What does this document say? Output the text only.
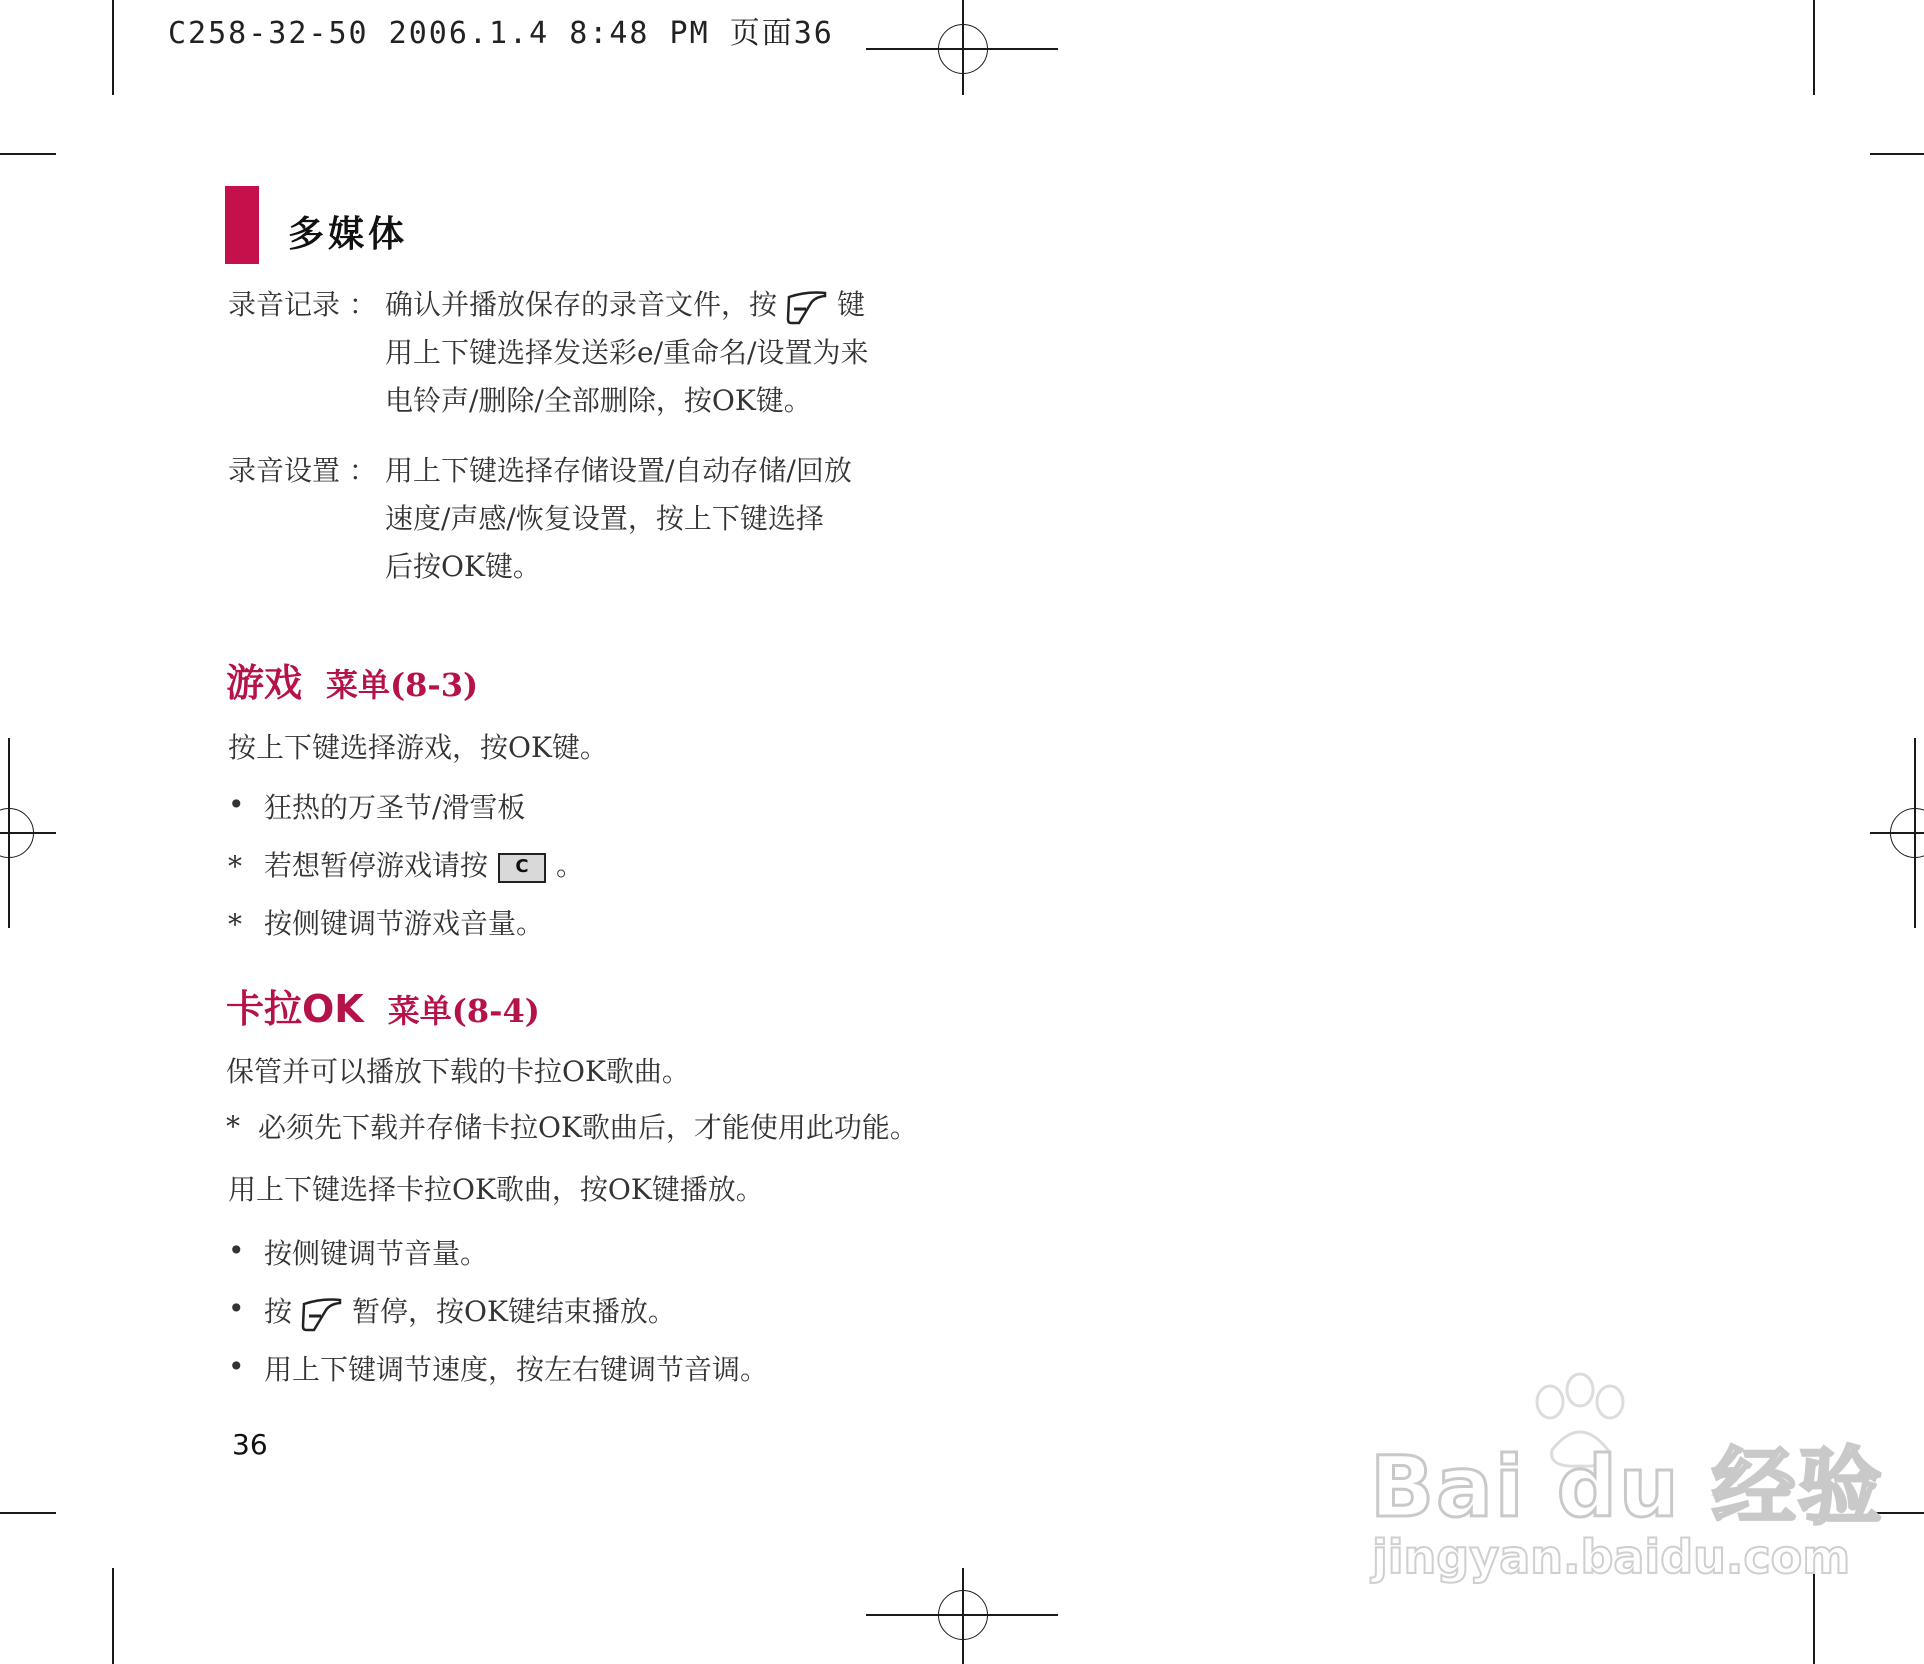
C258-32-50 2006.1.4 8:48 PM 页面36
多媒体
录音记录 ： 确认并播放保存的录音文件，按 键
用上下键选择发送彩e/重命名/设置为来
电铃声/删除/全部删除，按OK键。
录音设置 ： 用上下键选择存储设置/自动存储/回放
速度/声感/恢复设置，按上下键选择
后按OK键。
游戏 菜单(8-3)
按上下键选择游戏，按OK键。
• 狂热的万圣节/滑雪板
* 若想暂停游戏请按 C 。
* 按侧键调节游戏音量。
卡拉OK 菜单(8-4)
保管并可以播放下载的卡拉OK歌曲。
* 必须先下载并存储卡拉OK歌曲后，才能使用此功能。
用上下键选择卡拉OK歌曲，按OK键播放。
• 按侧键调节音量。
• 按 暂停，按OK键结束播放。
• 用上下键调节速度，按左右键调节音调。
36	Bai du 经验
jingyan.baidu.com
